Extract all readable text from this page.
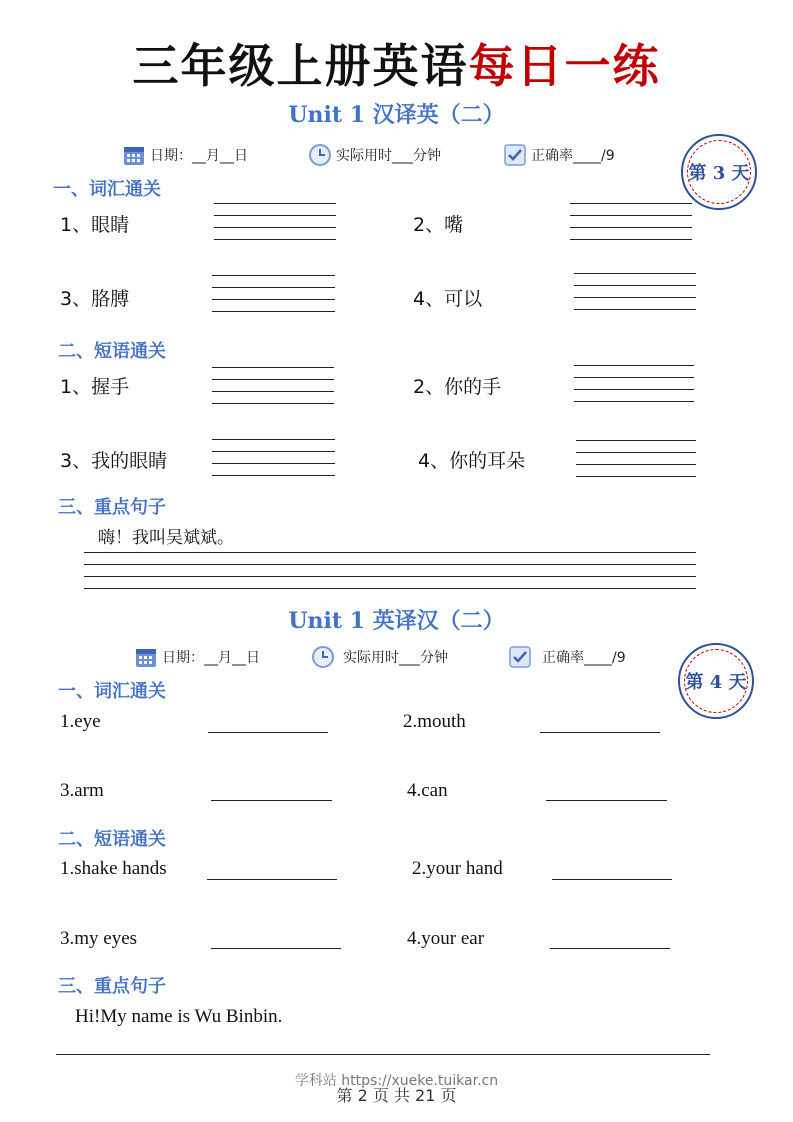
三年级上册英语每日一练
Unit 1 汉译英（二）
日期：__月__日	实际用时___分钟	正确率____/9
第 3 天
一、词汇通关
1、眼睛	2、嘴
3、胳膊	4、可以
二、短语通关
1、握手	2、你的手
3、我的眼睛	4、你的耳朵
三、重点句子
嗨！我叫吴斌斌。
Unit 1 英译汉（二）
日期：__月__日	实际用时___分钟	正确率____/9
第 4 天
一、词汇通关
1.eye	2.mouth
3.arm	4.can
二、短语通关
1.shake hands	2.your hand
3.my eyes	4.your ear
三、重点句子
Hi!My name is Wu Binbin.
学科站 https://xueke.tuikar.cn
第 2 页 共 21 页
